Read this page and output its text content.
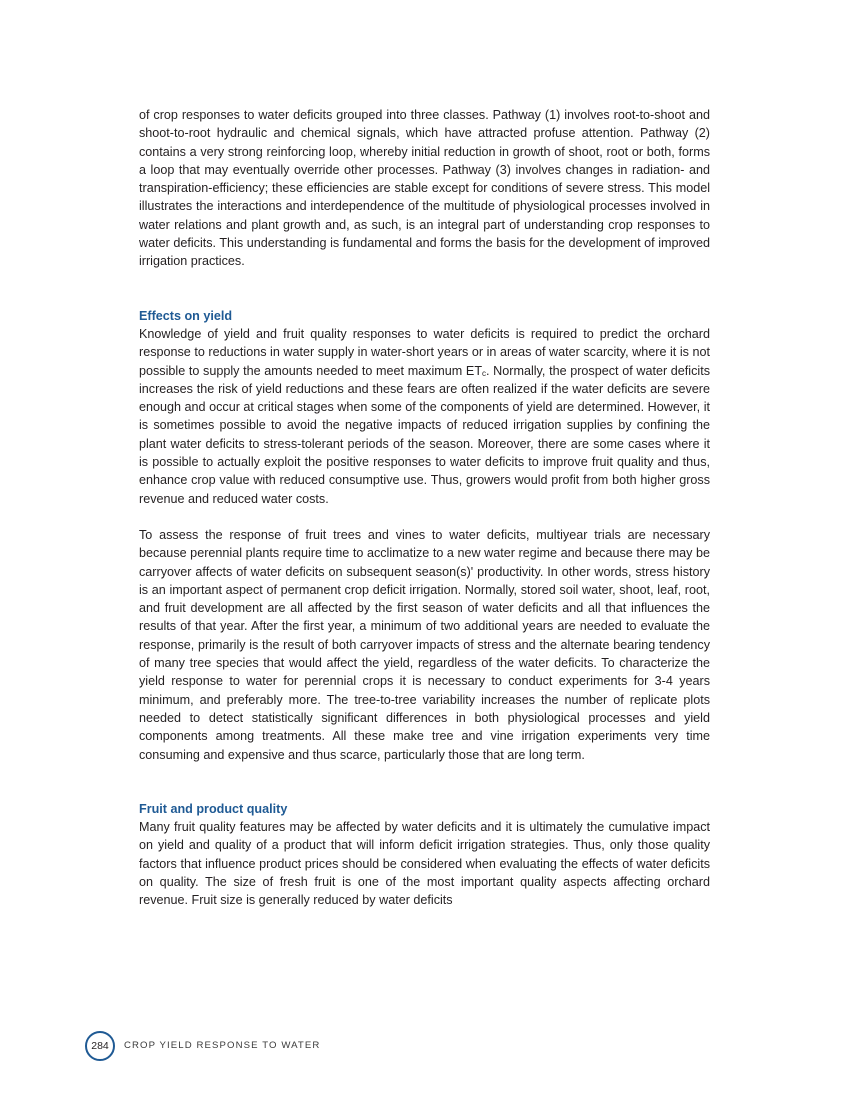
of crop responses to water deficits grouped into three classes. Pathway (1) involves root-to-shoot and shoot-to-root hydraulic and chemical signals, which have attracted profuse attention. Pathway (2) contains a very strong reinforcing loop, whereby initial reduction in growth of shoot, root or both, forms a loop that may eventually override other processes. Pathway (3) involves changes in radiation- and transpiration-efficiency; these efficiencies are stable except for conditions of severe stress. This model illustrates the interactions and interdependence of the multitude of physiological processes involved in water relations and plant growth and, as such, is an integral part of understanding crop responses to water deficits. This understanding is fundamental and forms the basis for the development of improved irrigation practices.

Effects on yield

Knowledge of yield and fruit quality responses to water deficits is required to predict the orchard response to reductions in water supply in water-short years or in areas of water scarcity, where it is not possible to supply the amounts needed to meet maximum $ET_c$. Normally, the prospect of water deficits increases the risk of yield reductions and these fears are often realized if the water deficits are severe enough and occur at critical stages when some of the components of yield are determined. However, it is sometimes possible to avoid the negative impacts of reduced irrigation supplies by confining the plant water deficits to stress-tolerant periods of the season. Moreover, there are some cases where it is possible to actually exploit the positive responses to water deficits to improve fruit quality and thus, enhance crop value with reduced consumptive use. Thus, growers would profit from both higher gross revenue and reduced water costs.

To assess the response of fruit trees and vines to water deficits, multiyear trials are necessary because perennial plants require time to acclimatize to a new water regime and because there may be carryover affects of water deficits on subsequent season(s)' productivity. In other words, stress history is an important aspect of permanent crop deficit irrigation. Normally, stored soil water, shoot, leaf, root, and fruit development are all affected by the first season of water deficits and all that influences the results of that year. After the first year, a minimum of two additional years are needed to evaluate the response, primarily is the result of both carryover impacts of stress and the alternate bearing tendency of many tree species that would affect the yield, regardless of the water deficits. To characterize the yield response to water for perennial crops it is necessary to conduct experiments for 3-4 years minimum, and preferably more. The tree-to-tree variability increases the number of replicate plots needed to detect statistically significant differences in both physiological processes and yield components among treatments. All these make tree and vine irrigation experiments very time consuming and expensive and thus scarce, particularly those that are long term.

Fruit and product quality

Many fruit quality features may be affected by water deficits and it is ultimately the cumulative impact on yield and quality of a product that will inform deficit irrigation strategies. Thus, only those quality factors that influence product prices should be considered when evaluating the effects of water deficits on quality. The size of fresh fruit is one of the most important quality aspects affecting orchard revenue. Fruit size is generally reduced by water deficits

284 CROP YIELD RESPONSE TO WATER
